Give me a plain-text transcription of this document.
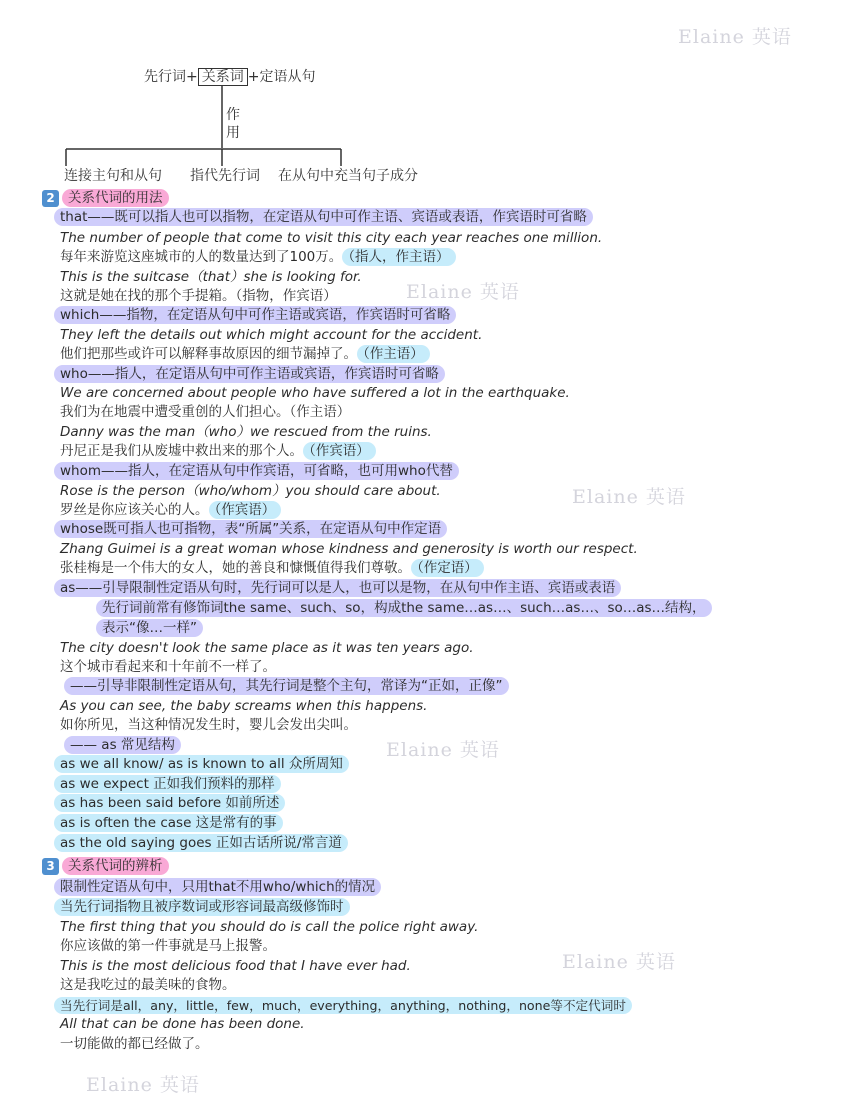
Elaine 英语
Elaine 英语
Elaine 英语
Elaine 英语
Elaine 英语
Elaine 英语
先行词+ 关系词 +定语从句
作
用
连接主句和从句 指代先行词 在从句中充当句子成分
2 关系代词的用法
that——既可以指人也可以指物，在定语从句中可作主语、宾语或表语，作宾语时可省略
The number of people that come to visit this city each year reaches one million.
每年来游览这座城市的人的数量达到了100万。 （指人，作主语）
This is the suitcase（that）she is looking for.
这就是她在找的那个手提箱。（指物，作宾语）
which——指物，在定语从句中可作主语或宾语，作宾语时可省略
They left the details out which might account for the accident.
他们把那些或许可以解释事故原因的细节漏掉了。 （作主语）
who——指人，在定语从句中可作主语或宾语，作宾语时可省略
We are concerned about people who have suffered a lot in the earthquake.
我们为在地震中遭受重创的人们担心。（作主语）
Danny was the man（who）we rescued from the ruins.
丹尼正是我们从废墟中救出来的那个人。 （作宾语）
whom——指人，在定语从句中作宾语，可省略，也可用who代替
Rose is the person（who/whom）you should care about.
罗丝是你应该关心的人。 （作宾语）
whose既可指人也可指物，表“所属”关系，在定语从句中作定语
Zhang Guimei is a great woman whose kindness and generosity is worth our respect.
张桂梅是一个伟大的女人，她的善良和慷慨值得我们尊敬。 （作定语）
as——引导限制性定语从句时，先行词可以是人，也可以是物，在从句中作主语、宾语或表语
先行词前常有修饰词the same、such、so，构成the same…as…、such…as…、so…as…结构，
表示“像…一样”
The city doesn't look the same place as it was ten years ago.
这个城市看起来和十年前不一样了。
——引导非限制性定语从句，其先行词是整个主句，常译为“正如，正像”
As you can see, the baby screams when this happens.
如你所见，当这种情况发生时，婴儿会发出尖叫。
—— as 常见结构
as we all know/ as is known to all 众所周知
as we expect 正如我们预料的那样
as has been said before 如前所述
as is often the case 这是常有的事
as the old saying goes 正如古话所说/常言道
3 关系代词的辨析
限制性定语从句中，只用that不用who/which的情况
当先行词指物且被序数词或形容词最高级修饰时
The first thing that you should do is call the police right away.
你应该做的第一件事就是马上报警。
This is the most delicious food that I have ever had.
这是我吃过的最美味的食物。
当先行词是all，any，little，few，much，everything，anything，nothing，none等不定代词时
All that can be done has been done.
一切能做的都已经做了。
